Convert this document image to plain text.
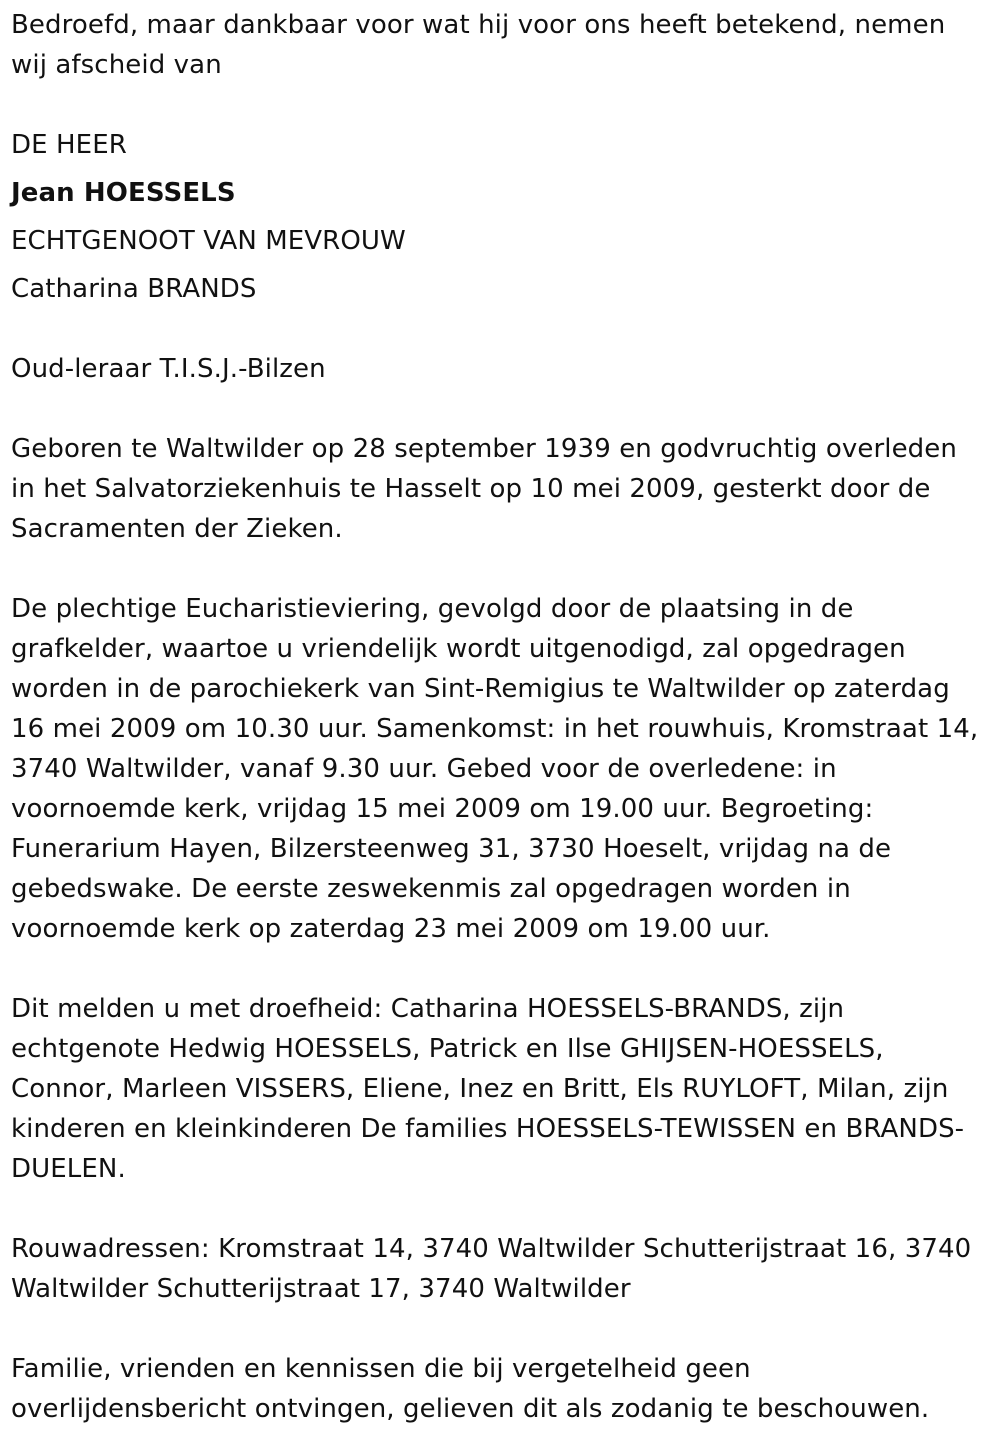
Bedroefd, maar dankbaar voor wat hij voor ons heeft betekend, nemen
wij afscheid van
DE HEER
Jean HOESSELS
ECHTGENOOT VAN MEVROUW
Catharina BRANDS
Oud-leraar T.I.S.J.-Bilzen
Geboren te Waltwilder op 28 september 1939 en godvruchtig overleden
in het Salvatorziekenhuis te Hasselt op 10 mei 2009, gesterkt door de
Sacramenten der Zieken.
De plechtige Eucharistieviering, gevolgd door de plaatsing in de
grafkelder, waartoe u vriendelijk wordt uitgenodigd, zal opgedragen
worden in de parochiekerk van Sint-Remigius te Waltwilder op zaterdag
16 mei 2009 om 10.30 uur. Samenkomst: in het rouwhuis, Kromstraat 14,
3740 Waltwilder, vanaf 9.30 uur. Gebed voor de overledene: in
voornoemde kerk, vrijdag 15 mei 2009 om 19.00 uur. Begroeting:
Funerarium Hayen, Bilzersteenweg 31, 3730 Hoeselt, vrijdag na de
gebedswake. De eerste zeswekenmis zal opgedragen worden in
voornoemde kerk op zaterdag 23 mei 2009 om 19.00 uur.
Dit melden u met droefheid: Catharina HOESSELS-BRANDS, zijn
echtgenote Hedwig HOESSELS, Patrick en Ilse GHIJSEN-HOESSELS,
Connor, Marleen VISSERS, Eliene, Inez en Britt, Els RUYLOFT, Milan, zijn
kinderen en kleinkinderen De families HOESSELS-TEWISSEN en BRANDS-
DUELEN.
Rouwadressen: Kromstraat 14, 3740 Waltwilder Schutterijstraat 16, 3740
Waltwilder Schutterijstraat 17, 3740 Waltwilder
Familie, vrienden en kennissen die bij vergetelheid geen
overlijdensbericht ontvingen, gelieven dit als zodanig te beschouwen.
